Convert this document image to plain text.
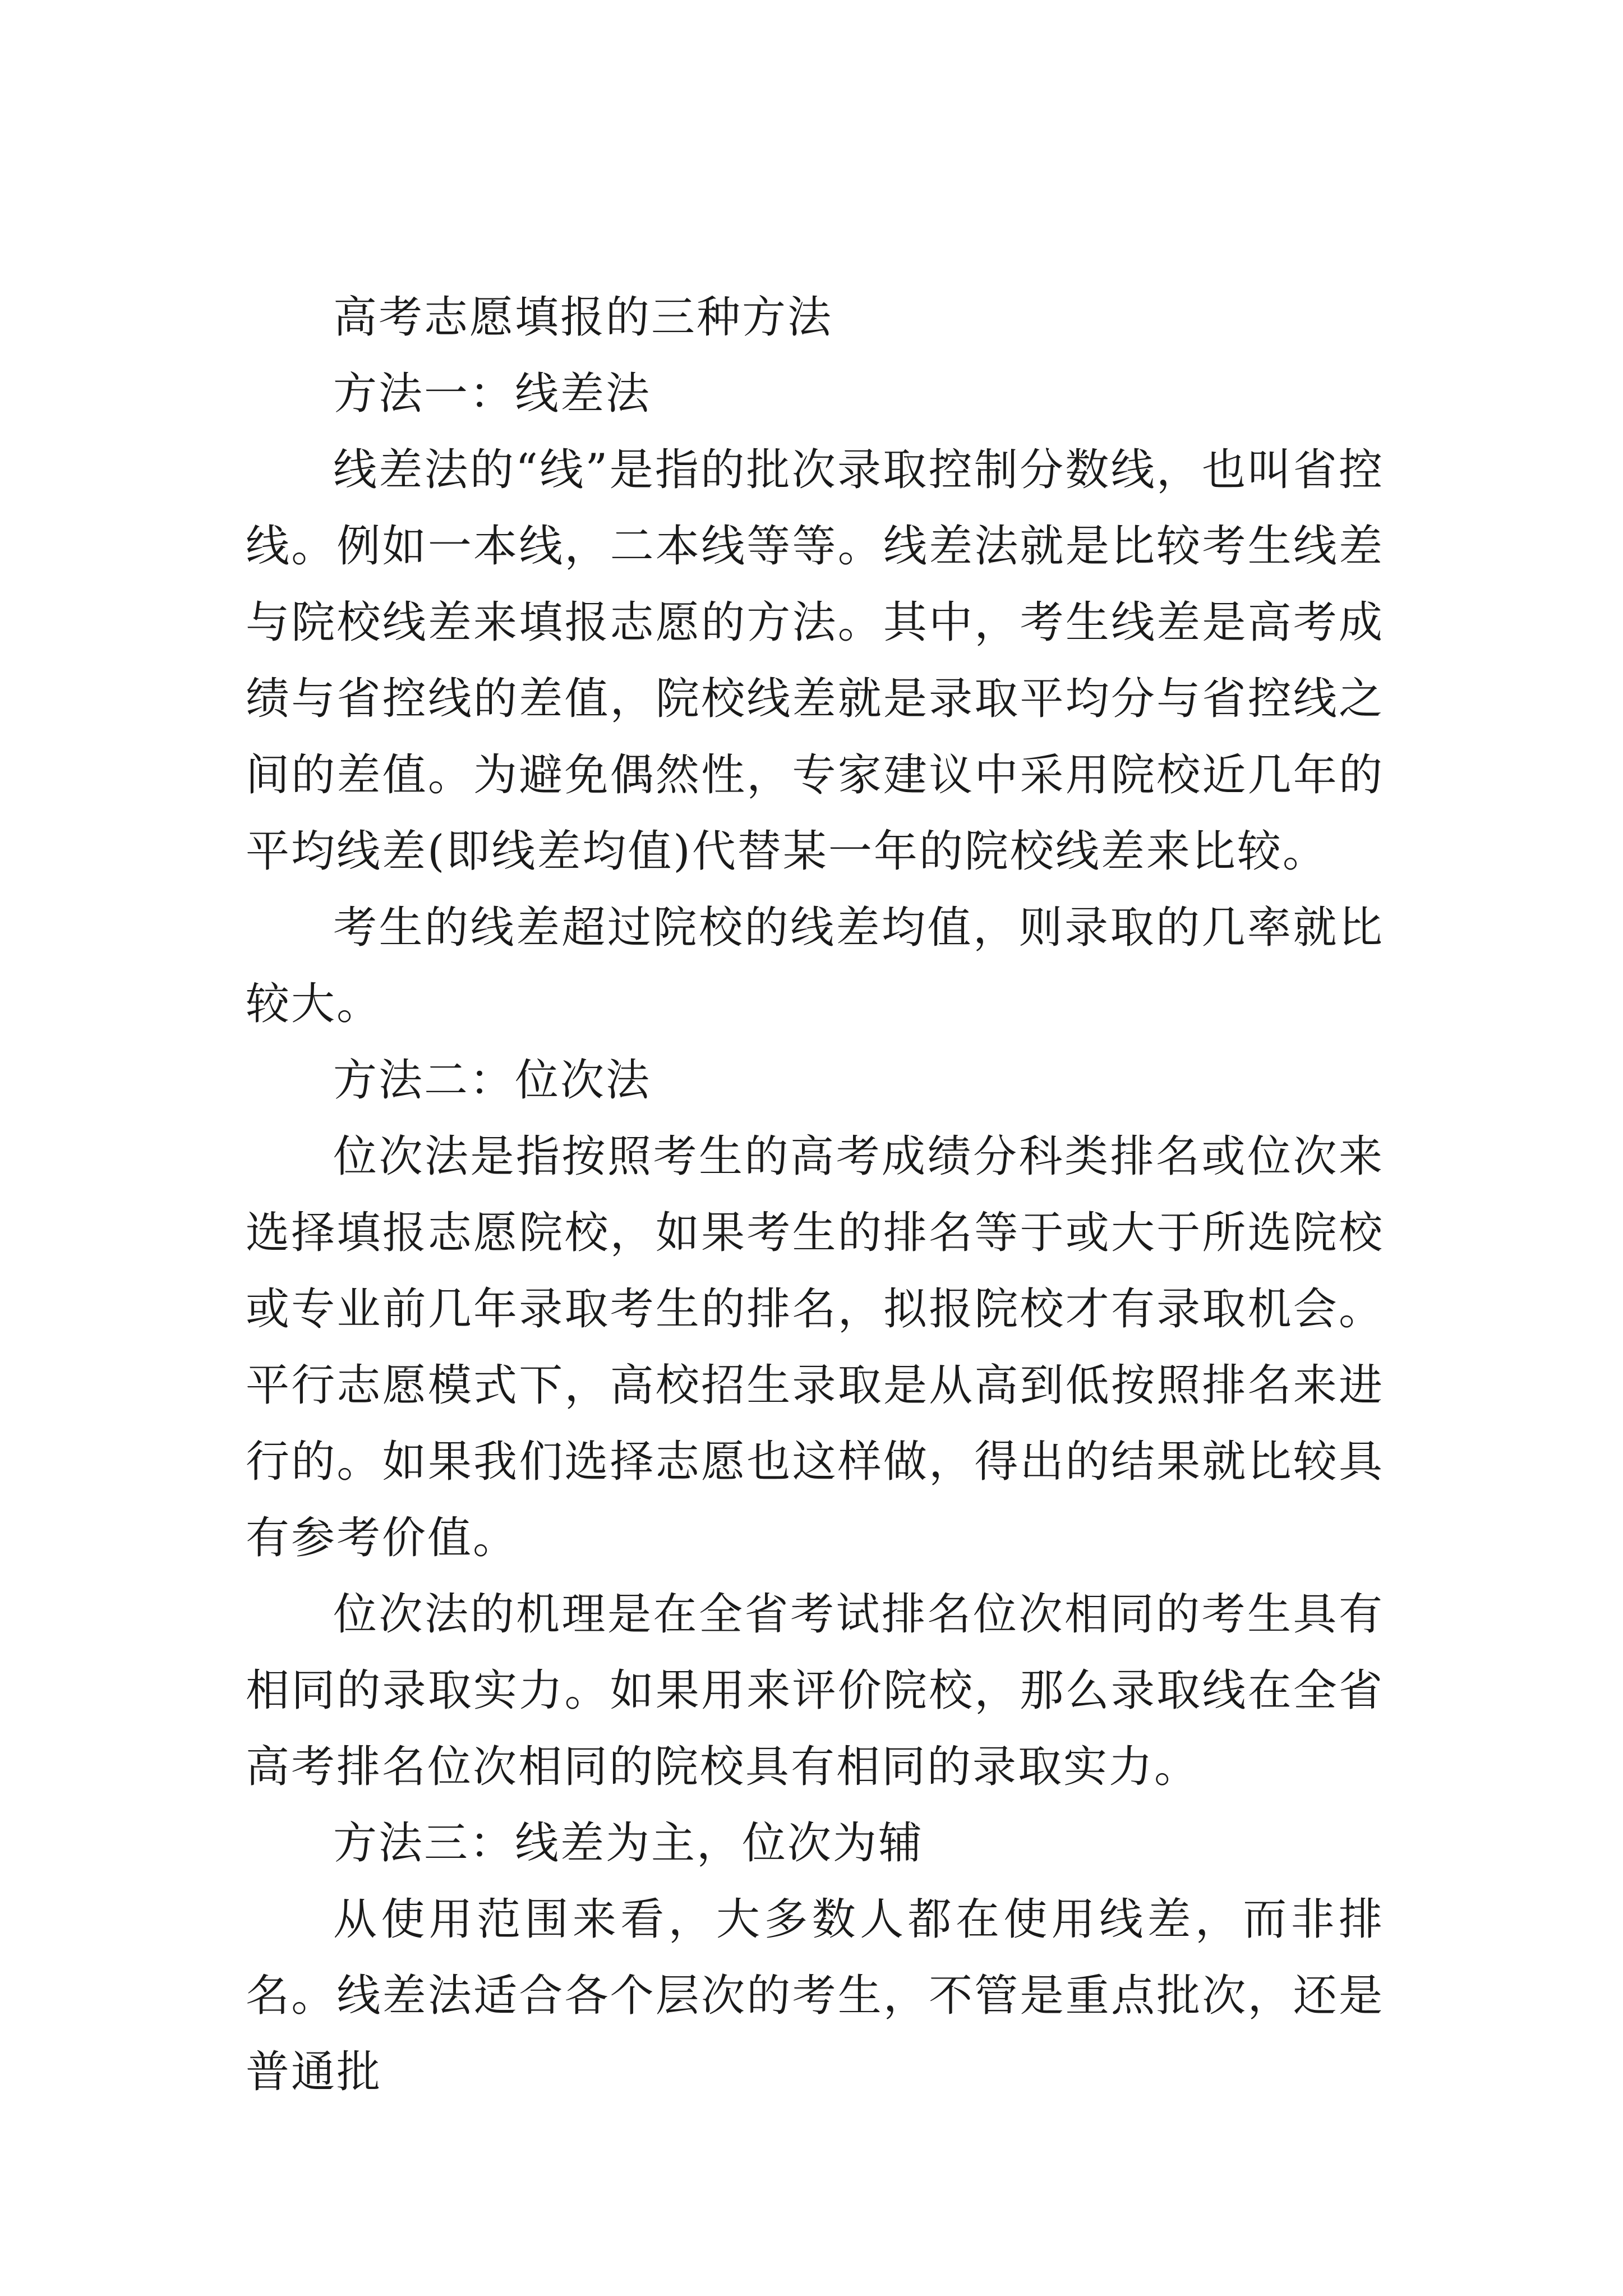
高考志愿填报的三种方法

方法一：线差法

线差法的“线”是指的批次录取控制分数线，也叫省控线。例如一本线，二本线等等。线差法就是比较考生线差与院校线差来填报志愿的方法。其中，考生线差是高考成绩与省控线的差值，院校线差就是录取平均分与省控线之间的差值。为避免偶然性，专家建议中采用院校近几年的平均线差(即线差均值)代替某一年的院校线差来比较。

考生的线差超过院校的线差均值，则录取的几率就比较大。

方法二：位次法

位次法是指按照考生的高考成绩分科类排名或位次来选择填报志愿院校，如果考生的排名等于或大于所选院校或专业前几年录取考生的排名，拟报院校才有录取机会。平行志愿模式下，高校招生录取是从高到低按照排名来进行的。如果我们选择志愿也这样做，得出的结果就比较具有参考价值。

位次法的机理是在全省考试排名位次相同的考生具有相同的录取实力。如果用来评价院校，那么录取线在全省高考排名位次相同的院校具有相同的录取实力。

方法三：线差为主，位次为辅

从使用范围来看，大多数人都在使用线差，而非排名。线差法适合各个层次的考生，不管是重点批次，还是普通批
